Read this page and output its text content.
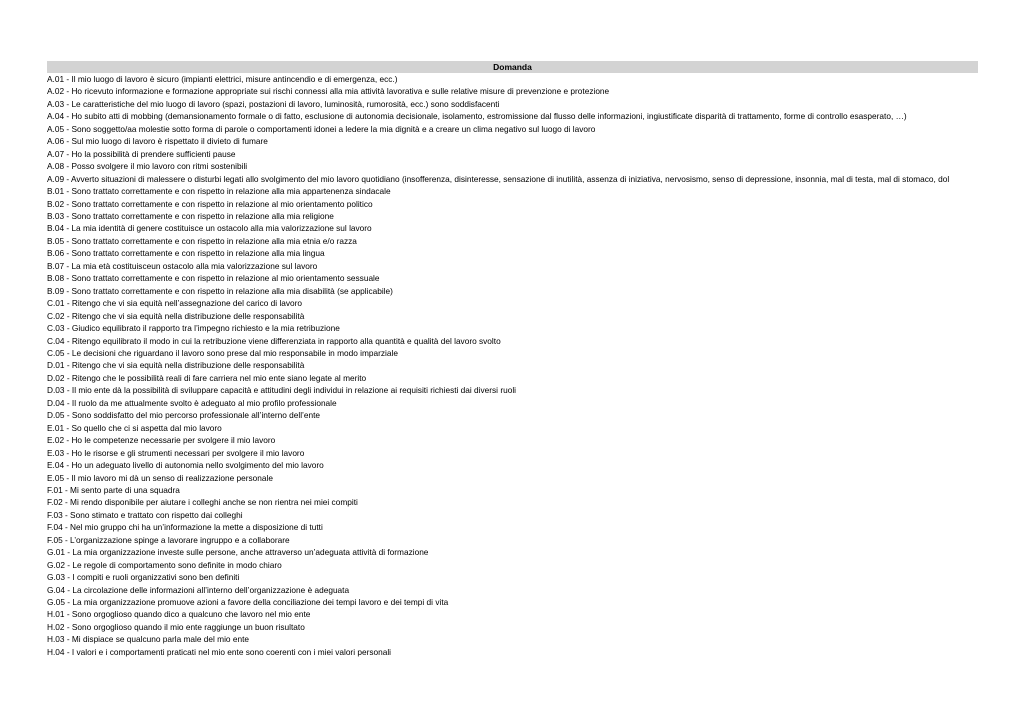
Domanda
A.01 - Il mio luogo di lavoro è sicuro (impianti elettrici, misure antincendio e di emergenza, ecc.)
A.02 - Ho ricevuto informazione e formazione appropriate sui rischi connessi alla mia attività lavorativa e sulle relative misure di prevenzione e protezione
A.03 - Le caratteristiche del mio luogo di lavoro (spazi, postazioni di lavoro, luminosità, rumorosità, ecc.) sono soddisfacenti
A.04 - Ho subito atti di mobbing (demansionamento formale o di fatto, esclusione di autonomia decisionale, isolamento, estromissione dal flusso delle informazioni, ingiustificate disparità di trattamento, forme di controllo esasperato, …)
A.05 - Sono soggetto/aa molestie sotto forma di parole o comportamenti idonei a ledere la mia dignità e a creare un clima negativo sul luogo di lavoro
A.06 - Sul mio luogo di lavoro è rispettato il divieto di fumare
A.07 - Ho la possibilità di prendere sufficienti pause
A.08 - Posso svolgere il mio lavoro con ritmi sostenibili
A.09 - Avverto situazioni di malessere o disturbi legati allo svolgimento del mio lavoro quotidiano (insofferenza, disinteresse, sensazione di inutilità, assenza di iniziativa, nervosismo, senso di depressione, insonnia, mal di testa, mal di stomaco, dol
B.01 - Sono trattato correttamente e con rispetto in relazione alla mia appartenenza sindacale
B.02 - Sono trattato correttamente e con rispetto in relazione al mio orientamento politico
B.03 - Sono trattato correttamente e con rispetto in relazione alla mia religione
B.04 - La mia identità di genere costituisce un ostacolo alla mia valorizzazione sul lavoro
B.05 - Sono trattato correttamente e con rispetto in relazione alla mia etnia e/o razza
B.06 - Sono trattato correttamente e con rispetto in relazione alla mia lingua
B.07 - La mia età costituisceun ostacolo alla mia valorizzazione sul lavoro
B.08 - Sono trattato correttamente e con rispetto in relazione al mio orientamento sessuale
B.09 - Sono trattato correttamente e con rispetto in relazione alla mia disabilità (se applicabile)
C.01 - Ritengo che vi sia equità nell’assegnazione del carico di lavoro
C.02 - Ritengo che vi sia equità nella distribuzione delle responsabilità
C.03 - Giudico equilibrato il rapporto tra l’impegno richiesto e la mia retribuzione
C.04 - Ritengo equilibrato il modo in cui la retribuzione viene differenziata in rapporto alla quantità e qualità del lavoro svolto
C.05 - Le decisioni che riguardano il lavoro sono prese dal mio responsabile in modo imparziale
D.01 - Ritengo che vi sia equità nella distribuzione delle responsabilità
D.02 - Ritengo che le possibilità reali di fare carriera nel mio ente siano legate al merito
D.03 - Il mio ente dà la possibilità di sviluppare capacità e attitudini degli individui in relazione ai requisiti richiesti dai diversi ruoli
D.04 - Il ruolo da me attualmente svolto è adeguato al mio profilo professionale
D.05 - Sono soddisfatto del mio percorso professionale all’interno dell’ente
E.01 - So quello che ci si aspetta dal mio lavoro
E.02 - Ho le competenze necessarie per svolgere il mio lavoro
E.03 - Ho le risorse e gli strumenti necessari per svolgere il mio lavoro
E.04 - Ho un adeguato livello di autonomia nello svolgimento del mio lavoro
E.05 - Il mio lavoro mi dà un senso di realizzazione personale
F.01 - Mi sento parte di una squadra
F.02 - Mi rendo disponibile per aiutare i colleghi anche se non rientra nei miei compiti
F.03 - Sono stimato e trattato con rispetto dai colleghi
F.04 - Nel mio gruppo chi ha un’informazione la mette a disposizione di tutti
F.05 - L’organizzazione spinge a lavorare ingruppo e a collaborare
G.01 - La mia organizzazione investe sulle persone, anche attraverso un’adeguata attività di formazione
G.02 - Le regole di comportamento sono definite in modo chiaro
G.03 - I compiti e ruoli organizzativi sono ben definiti
G.04 - La circolazione delle informazioni all’interno dell’organizzazione è adeguata
G.05 - La mia organizzazione promuove azioni a favore della conciliazione dei tempi lavoro e dei tempi di vita
H.01 - Sono orgoglioso quando dico a qualcuno che lavoro nel mio ente
H.02 - Sono orgoglioso quando il mio ente raggiunge un buon risultato
H.03 - Mi dispiace se qualcuno parla male del mio ente
H.04 - I valori e i comportamenti praticati nel mio ente sono coerenti con i miei valori personali
